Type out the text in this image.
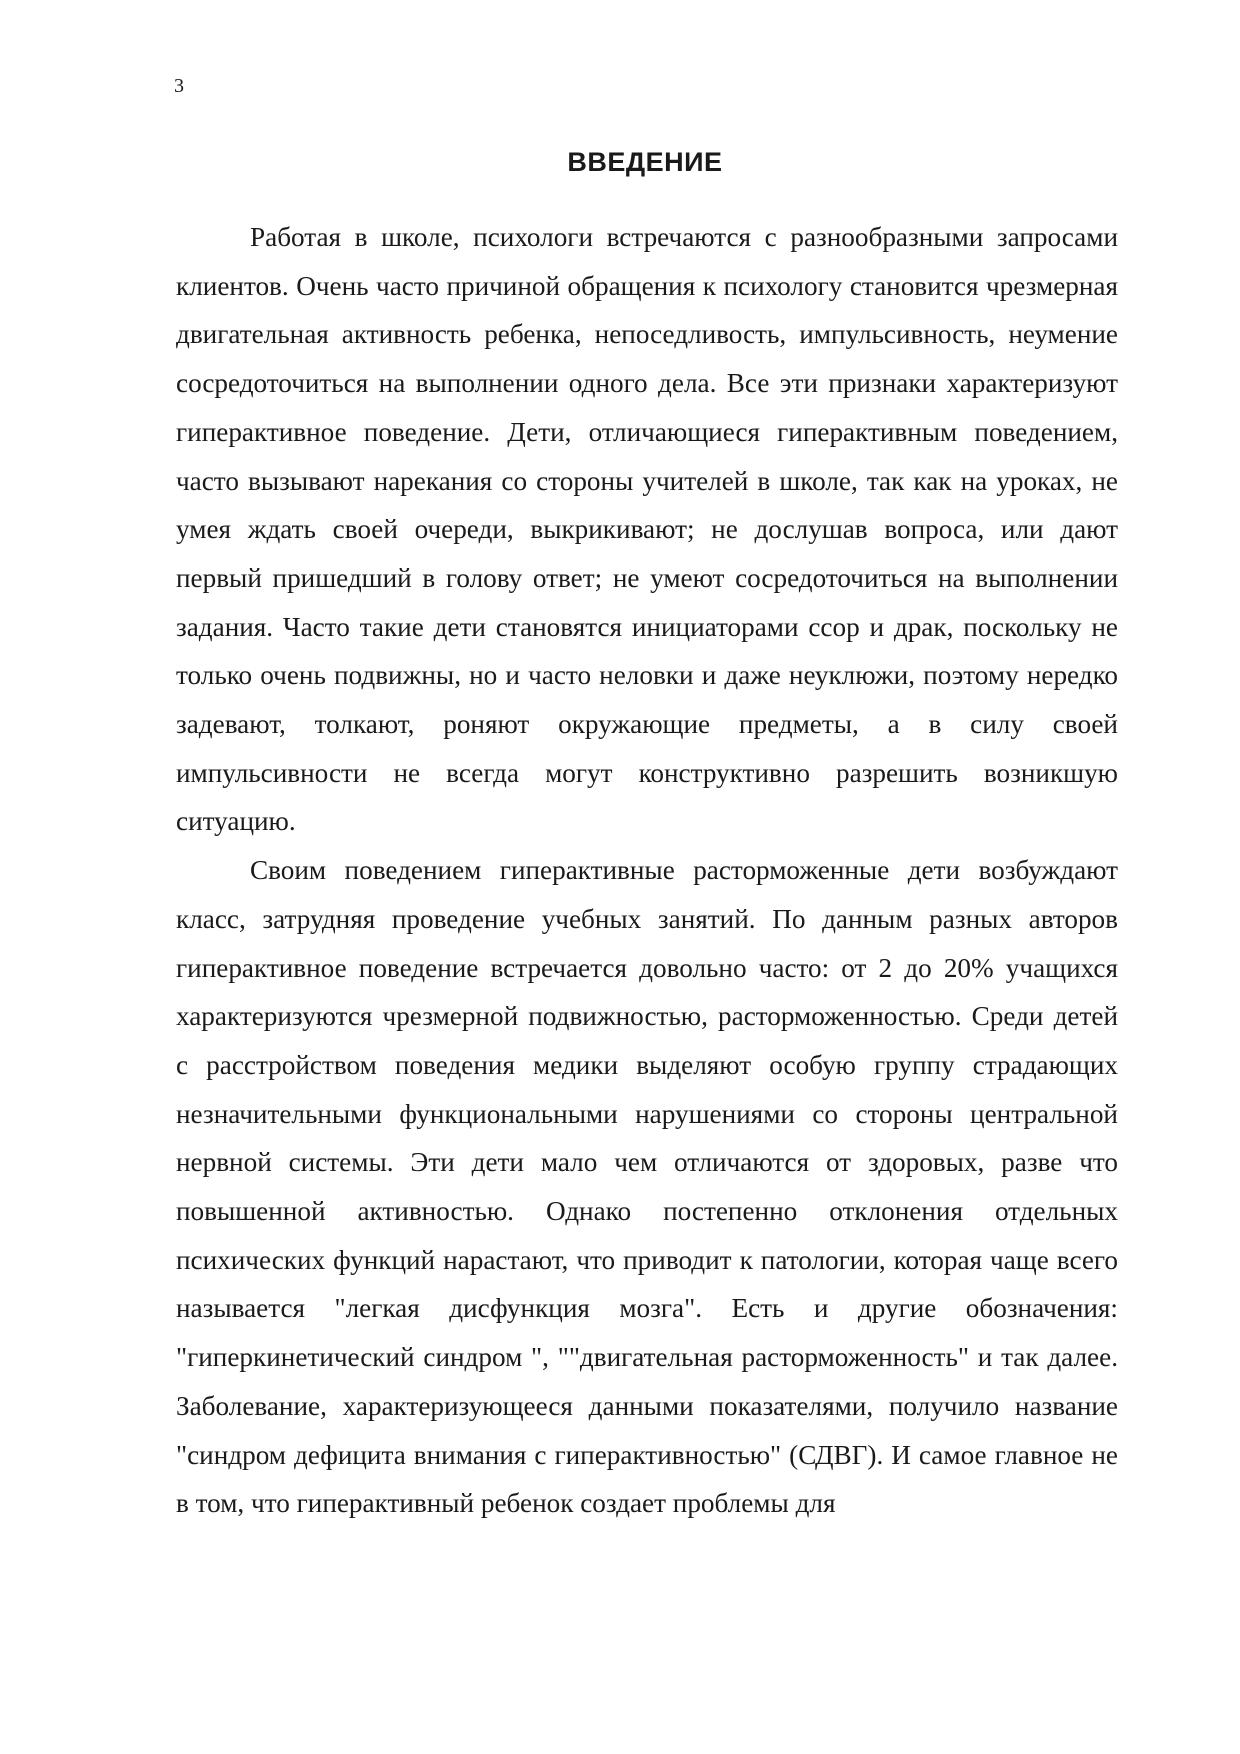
3
ВВЕДЕНИЕ

Работая в школе, психологи встречаются с разнообразными запросами клиентов. Очень часто причиной обращения к психологу становится чрезмерная двигательная активность ребенка, непоседливость, импульсивность, неумение сосредоточиться на выполнении одного дела. Все эти признаки характеризуют гиперактивное поведение. Дети, отличающиеся гиперактивным поведением, часто вызывают нарекания со стороны учителей в школе, так как на уроках, не умея ждать своей очереди, выкрикивают; не дослушав вопроса, или дают первый пришедший в голову ответ; не умеют сосредоточиться на выполнении задания. Часто такие дети становятся инициаторами ссор и драк, поскольку не только очень подвижны, но и часто неловки и даже неуклюжи, поэтому нередко задевают, толкают, роняют окружающие предметы, а в силу своей импульсивности не всегда могут конструктивно разрешить возникшую ситуацию.

Своим поведением гиперактивные расторможенные дети возбуждают класс, затрудняя проведение учебных занятий. По данным разных авторов гиперактивное поведение встречается довольно часто: от 2 до 20% учащихся характеризуются чрезмерной подвижностью, расторможенностью. Среди детей с расстройством поведения медики выделяют особую группу страдающих незначительными функциональными нарушениями со стороны центральной нервной системы. Эти дети мало чем отличаются от здоровых, разве что повышенной активностью. Однако постепенно отклонения отдельных психических функций нарастают, что приводит к патологии, которая чаще всего называется "легкая дисфункция мозга". Есть и другие обозначения: "гиперкинетический синдром ", ""двигательная расторможенность" и так далее. Заболевание, характеризующееся данными показателями, получило название "синдром дефицита внимания с гиперактивностью" (СДВГ). И самое главное не в том, что гиперактивный ребенок создает проблемы для
